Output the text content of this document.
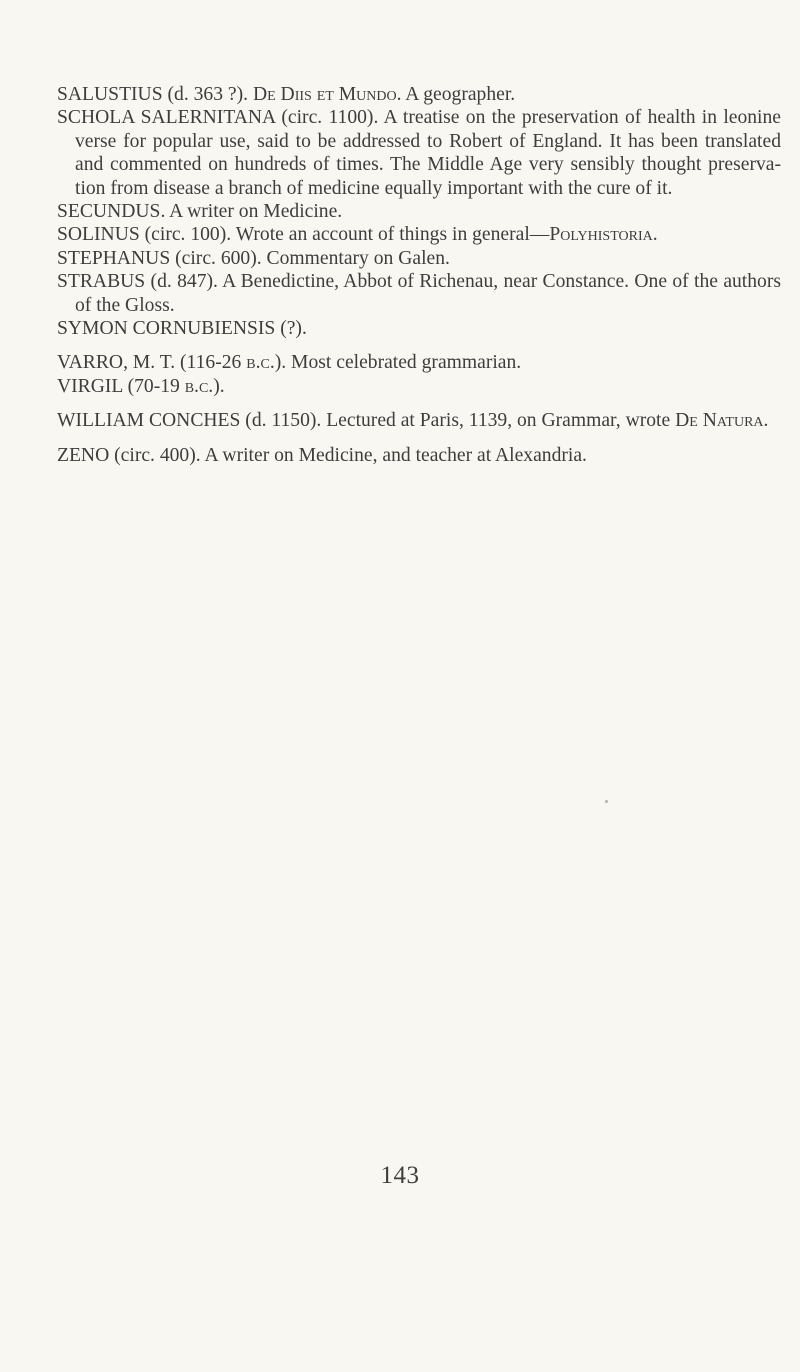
SALUSTIUS (d. 363 ?). De Diis et Mundo. A geographer.
SCHOLA SALERNITANA (circ. 1100). A treatise on the preservation of health in leonine verse for popular use, said to be addressed to Robert of England. It has been translated and commented on hundreds of times. The Middle Age very sensibly thought preservation from disease a branch of medicine equally important with the cure of it.
SECUNDUS. A writer on Medicine.
SOLINUS (circ. 100). Wrote an account of things in general—Polyhistoria.
STEPHANUS (circ. 600). Commentary on Galen.
STRABUS (d. 847). A Benedictine, Abbot of Richenau, near Constance. One of the authors of the Gloss.
SYMON CORNUBIENSIS (?).
VARRO, M. T. (116-26 b.c.). Most celebrated grammarian.
VIRGIL (70-19 b.c.).
WILLIAM CONCHES (d. 1150). Lectured at Paris, 1139, on Grammar, wrote De Natura.
ZENO (circ. 400). A writer on Medicine, and teacher at Alexandria.
143
